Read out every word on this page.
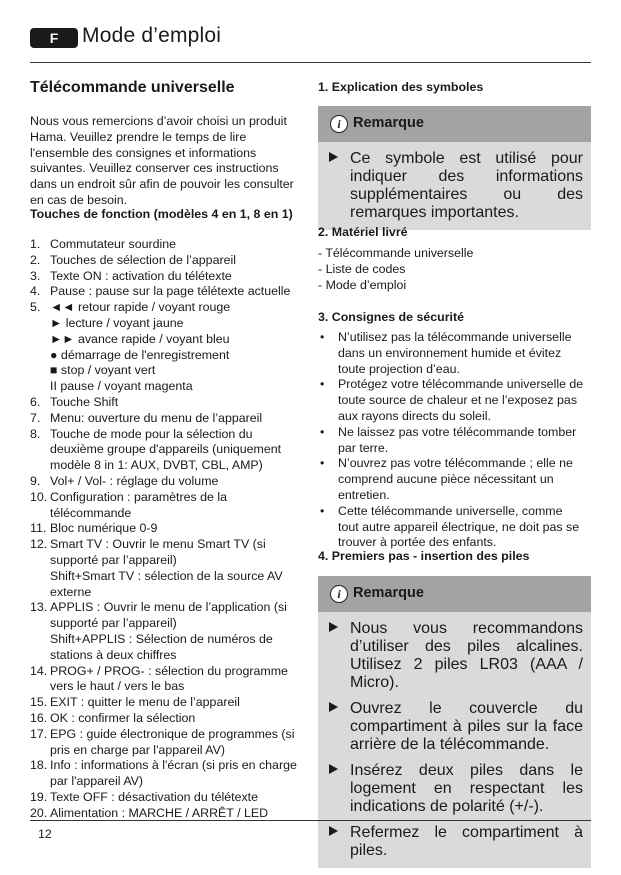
F	Mode d’emploi
Télécommande universelle

Nous vous remercions d’avoir choisi un produit Hama. Veuillez prendre le temps de lire l'ensemble des consignes et informations suivantes. Veuillez conserver ces instructions dans un endroit sûr afin de pouvoir les consulter en cas de besoin.

Touches de fonction (modèles 4 en 1, 8 en 1)
1. Commutateur sourdine
2. Touches de sélection de l’appareil
3. Texte ON : activation du télétexte
4. Pause : pause sur la page télétexte actuelle
5. ◄◄ retour rapide / voyant rouge
► lecture / voyant jaune
►► avance rapide / voyant bleu
● démarrage de l'enregistrement
■ stop / voyant vert
II pause / voyant magenta
6. Touche Shift
7. Menu: ouverture du menu de l’appareil
8. Touche de mode pour la sélection du deuxième groupe d'appareils (uniquement modèle 8 in 1: AUX, DVBT, CBL, AMP)
9. Vol+ / Vol- : réglage du volume
10. Configuration : paramètres de la télécommande
11. Bloc numérique 0-9
12. Smart TV : Ouvrir le menu Smart TV (si supporté par l’appareil)
Shift+Smart TV : sélection de la source AV externe
13. APPLIS : Ouvrir le menu de l’application (si supporté par l’appareil)
Shift+APPLIS : Sélection de numéros de stations à deux chiffres
14. PROG+ / PROG- : sélection du programme vers le haut / vers le bas
15. EXIT : quitter le menu de l’appareil
16. OK : confirmer la sélection
17. EPG : guide électronique de programmes (si pris en charge par l'appareil AV)
18. Info : informations à l'écran (si pris en charge par l'appareil AV)
19. Texte OFF : désactivation du télétexte
20. Alimentation : MARCHE / ARRÊT / LED
1. Explication des symboles
i Remarque
Ce symbole est utilisé pour indiquer des informations supplémentaires ou des remarques importantes.
2. Matériel livré
- Télécommande universelle
- Liste de codes
- Mode d’emploi
3. Consignes de sécurité
• N’utilisez pas la télécommande universelle dans un environnement humide et évitez toute projection d’eau.
• Protégez votre télécommande universelle de toute source de chaleur et ne l’exposez pas aux rayons directs du soleil.
• Ne laissez pas votre télécommande tomber par terre.
• N’ouvrez pas votre télécommande ; elle ne comprend aucune pièce nécessitant un entretien.
• Cette télécommande universelle, comme tout autre appareil électrique, ne doit pas se trouver à portée des enfants.
4. Premiers pas - insertion des piles
i Remarque
Nous vous recommandons d’utiliser des piles alcalines. Utilisez 2 piles LR03 (AAA / Micro).
Ouvrez le couvercle du compartiment à piles sur la face arrière de la télécommande.
Insérez deux piles dans le logement en respectant les indications de polarité (+/-).
Refermez le compartiment à piles.
12
